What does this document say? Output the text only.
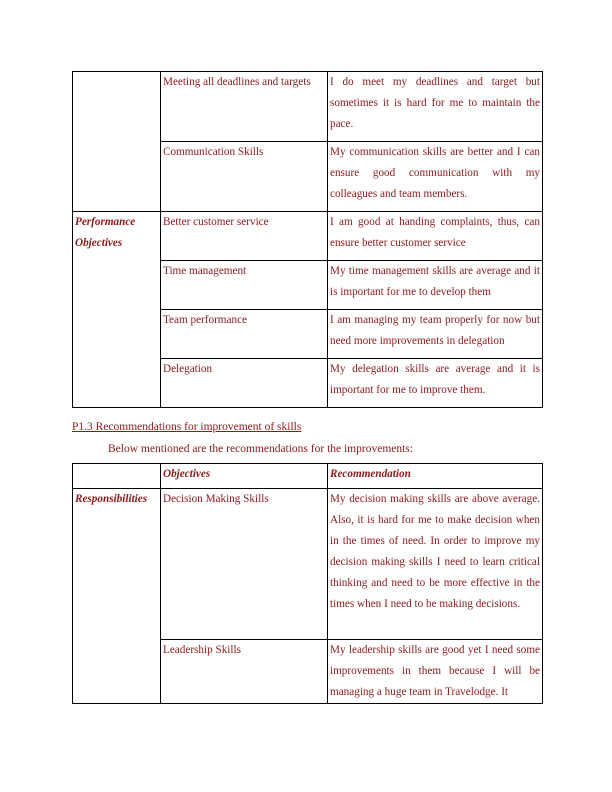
	Meeting all deadlines and targets	I do meet my deadlines and target but sometimes it is hard for me to maintain the pace.
	Communication Skills	My communication skills are better and I can ensure good communication with my colleagues and team members.
Performance Objectives	Better customer service	I am good at handing complaints, thus, can ensure better customer service
	Time management	My time management skills are average and it is important for me to develop them
	Team performance	I am managing my team properly for now but need more improvements in delegation
	Delegation	My delegation skills are average and it is important for me to improve them.
P1.3 Recommendations for improvement of skills
Below mentioned are the recommendations for the improvements:
	Objectives	Recommendation
Responsibilities	Decision Making Skills	My decision making skills are above average. Also, it is hard for me to make decision when in the times of need. In order to improve my decision making skills I need to learn critical thinking and need to be more effective in the times when I need to be making decisions.
	Leadership Skills	My leadership skills are good yet I need some improvements in them because I will be managing a huge team in Travelodge. It
